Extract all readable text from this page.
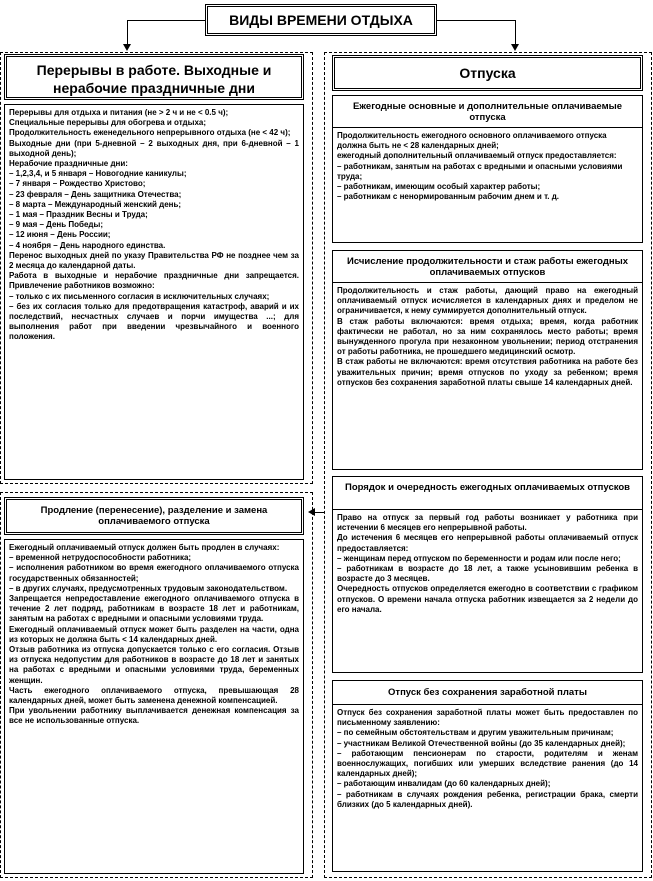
ВИДЫ ВРЕМЕНИ ОТДЫХА
Перерывы в работе. Выходные и нерабочие праздничные дни

Перерывы для отдыха и питания (не > 2 ч и не < 0.5 ч);

Специальные перерывы для обогрева и отдыха;

Продолжительность еженедельного непрерывного отдыха (не < 42 ч);

Выходные дни (при 5-дневной – 2 выходных дня, при 6-дневной – 1 выходной день);

Нерабочие праздничные дни:

– 1,2,3,4, и 5 января – Новогодние каникулы;

– 7 января – Рождество Христово;

– 23 февраля – День защитника Отечества;

– 8 марта – Международный женский день;

– 1 мая – Праздник Весны и Труда;

– 9 мая – День Победы;

– 12 июня – День России;

– 4 ноября – День народного единства.

Перенос выходных дней по указу Правительства РФ не позднее чем за 2 месяца до календарной даты.

Работа в выходные и нерабочие праздничные дни запрещается. Привлечение работников возможно:

– только с их письменного согласия в исключительных случаях;

– без их согласия только для предотвращения катастроф, аварий и их последствий, несчастных случаев и порчи имущества ...; для выполнения работ при введении чрезвычайного и военного положения.

Продление (перенесение), разделение и замена оплачиваемого отпуска

Ежегодный оплачиваемый отпуск должен быть продлен в случаях:

– временной нетрудоспособности работника;

– исполнения работником во время ежегодного оплачиваемого отпуска государственных обязанностей;

– в других случаях, предусмотренных трудовым законодательством.

Запрещается непредоставление ежегодного оплачиваемого отпуска в течение 2 лет подряд, работникам в возрасте 18 лет и работникам, занятым на работах с вредными и опасными условиями труда.

Ежегодный оплачиваемый отпуск может быть разделен на части, одна из которых не должна быть < 14 календарных дней.

Отзыв работника из отпуска допускается только с его согласия. Отзыв из отпуска недопустим для работников в возрасте до 18 лет и занятых на работах с вредными и опасными условиями труда, беременных женщин.

Часть ежегодного оплачиваемого отпуска, превышающая 28 календарных дней, может быть заменена денежной компенсацией.

При увольнении работнику выплачивается денежная компенсация за все не использованные отпуска.

Отпуска
Ежегодные основные и дополнительные оплачиваемые отпуска

Продолжительность ежегодного основного оплачиваемого отпуска должна быть не < 28 календарных дней;

ежегодный дополнительный оплачиваемый отпуск предоставляется:

– работникам, занятым на работах с вредными и опасными условиями труда;

– работникам, имеющим особый характер работы;

– работникам с ненормированным рабочим днем и т. д.

Исчисление продолжительности и стаж работы ежегодных оплачиваемых отпусков

Продолжительность и стаж работы, дающий право на ежегодный оплачиваемый отпуск исчисляется в календарных днях и пределом не ограничивается, к нему суммируется дополнительный отпуск.

В стаж работы включаются: время отдыха; время, когда работник фактически не работал, но за ним сохранялось место работы; время вынужденного прогула при незаконном увольнении; период отстранения от работы работника, не прошедшего медицинский осмотр.

В стаж работы не включаются: время отсутствия работника на работе без уважительных причин; время отпусков по уходу за ребенком; время отпусков без сохранения заработной платы свыше 14 календарных дней.

Порядок и очередность ежегодных оплачиваемых отпусков

Право на отпуск за первый год работы возникает у работника при истечении 6 месяцев его непрерывной работы.

До истечения 6 месяцев его непрерывной работы оплачиваемый отпуск предоставляется:

– женщинам перед отпуском по беременности и родам или после него;

– работникам в возрасте до 18 лет, а также усыновившим ребенка в возрасте до 3 месяцев.

Очередность отпусков определяется ежегодно в соответствии с графиком отпусков. О времени начала отпуска работник извещается за 2 недели до его начала.

Отпуск без сохранения заработной платы

Отпуск без сохранения заработной платы может быть предоставлен по письменному заявлению:

– по семейным обстоятельствам и другим уважительным причинам;

– участникам Великой Отечественной войны (до 35 календарных дней);

– работающим пенсионерам по старости, родителям и женам военнослужащих, погибших или умерших вследствие ранения (до 14 календарных дней);

– работающим инвалидам (до 60 календарных дней);

– работникам в случаях рождения ребенка, регистрации брака, смерти близких (до 5 календарных дней).
